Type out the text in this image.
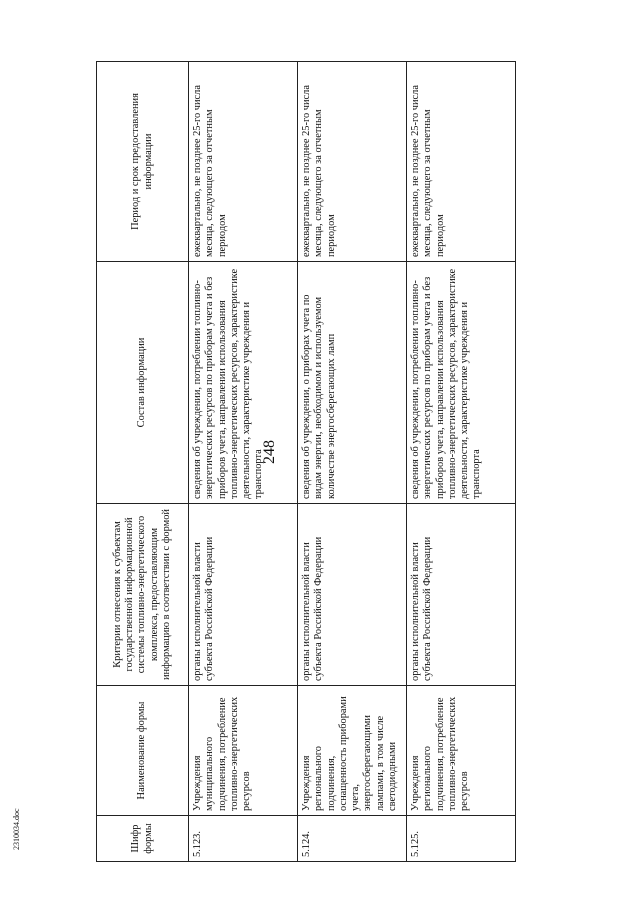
248
Шифр формы	Наименование формы	Критерии отнесения к субъектам государственной информационной системы топливно-энергетического комплекса, предоставляющим информацию в соответствии с формой	Состав информации	Период и срок предоставления информации
5.123.	Учреждения муниципального подчинения, потребление топливно-энергетических ресурсов	органы исполнительной власти субъекта Российской Федерации	сведения об учреждении, потреблении топливно-энергетических ресурсов по приборам учета и без приборов учета, направлении использования топливно-энергетических ресурсов, характеристике деятельности, характеристике учреждения и транспорта	ежеквартально, не позднее 25-го числа месяца, следующего за отчетным периодом
5.124.	Учреждения регионального подчинения, оснащенность приборами учета, энергосберегающими лампами, в том числе светодиодными	органы исполнительной власти субъекта Российской Федерации	сведения об учреждении, о приборах учета по видам энергии, необходимом и используемом количестве энергосберегающих ламп	ежеквартально, не позднее 25-го числа месяца, следующего за отчетным периодом
5.125.	Учреждения регионального подчинения, потребление топливно-энергетических ресурсов	органы исполнительной власти субъекта Российской Федерации	сведения об учреждении, потреблении топливно-энергетических ресурсов по приборам учета и без приборов учета, направлении использования топливно-энергетических ресурсов, характеристике деятельности, характеристике учреждения и транспорта	ежеквартально, не позднее 25-го числа месяца, следующего за отчетным периодом
2310034.doc
